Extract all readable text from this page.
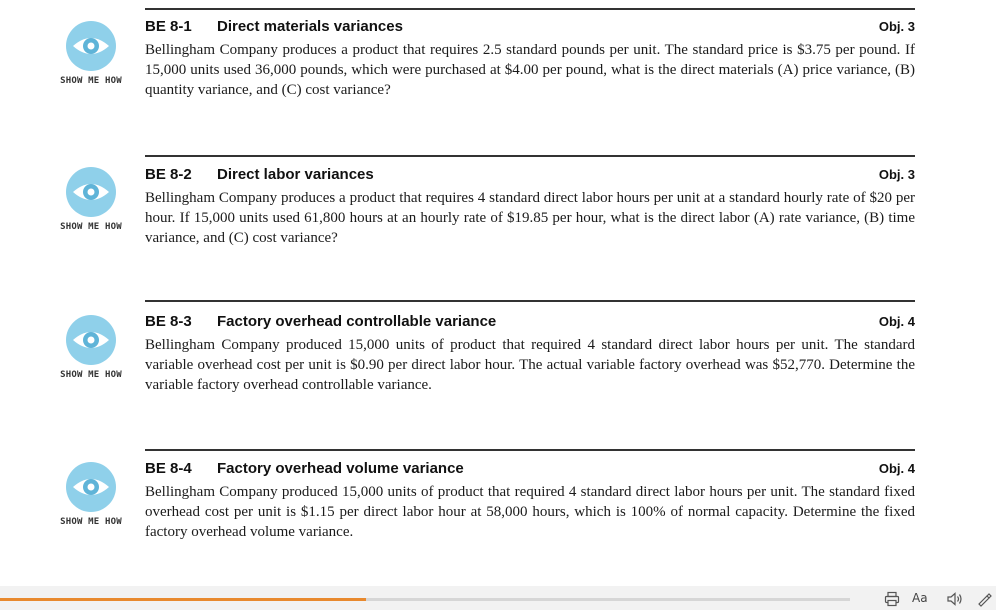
SHOW ME HOW
BE 8-1 Direct materials variances	Obj. 3

Bellingham Company produces a product that requires 2.5 standard pounds per unit. The standard price is $3.75 per pound. If 15,000 units used 36,000 pounds, which were purchased at $4.00 per pound, what is the direct materials (A) price variance, (B) quantity variance, and (C) cost variance?

SHOW ME HOW
BE 8-2 Direct labor variances	Obj. 3

Bellingham Company produces a product that requires 4 standard direct labor hours per unit at a standard hourly rate of $20 per hour. If 15,000 units used 61,800 hours at an hourly rate of $19.85 per hour, what is the direct labor (A) rate variance, (B) time variance, and (C) cost variance?

SHOW ME HOW
BE 8-3 Factory overhead controllable variance	Obj. 4

Bellingham Company produced 15,000 units of product that required 4 standard direct labor hours per unit. The standard variable overhead cost per unit is $0.90 per direct labor hour. The actual variable factory overhead was $52,770. Determine the variable factory overhead controllable variance.

SHOW ME HOW
BE 8-4 Factory overhead volume variance	Obj. 4

Bellingham Company produced 15,000 units of product that required 4 standard direct labor hours per unit. The standard fixed overhead cost per unit is $1.15 per direct labor hour at 58,000 hours, which is 100% of normal capacity. Determine the fixed factory overhead volume variance.

Aa
